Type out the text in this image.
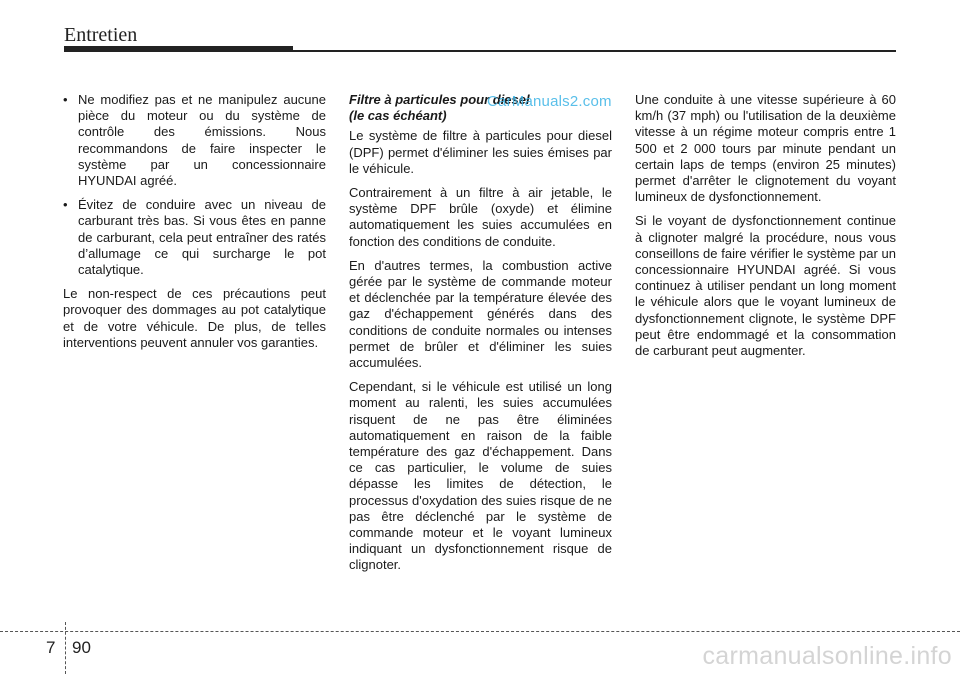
Entretien
• Ne modifiez pas et ne manipulez aucune pièce du moteur ou du système de contrôle des émissions. Nous recommandons de faire inspecter le système par un concessionnaire HYUNDAI agréé.
• Évitez de conduire avec un niveau de carburant très bas. Si vous êtes en panne de carburant, cela peut entraîner des ratés d’allumage ce qui surcharge le pot catalytique.

Le non-respect de ces précautions peut provoquer des dommages au pot catalytique et de votre véhicule. De plus, de telles interventions peuvent annuler vos garanties.

Filtre à particules pour diesel
(le cas échéant)

Le système de filtre à particules pour diesel (DPF) permet d'éliminer les suies émises par le véhicule.

Contrairement à un filtre à air jetable, le système DPF brûle (oxyde) et élimine automatiquement les suies accumulées en fonction des conditions de conduite.

En d'autres termes, la combustion active gérée par le système de commande moteur et déclenchée par la température élevée des gaz d'échappement générés dans des conditions de conduite normales ou intenses permet de brûler et d'éliminer les suies accumulées.

Cependant, si le véhicule est utilisé un long moment au ralenti, les suies accumulées risquent de ne pas être éliminées automatiquement en raison de la faible température des gaz d'échappement. Dans ce cas particulier, le volume de suies dépasse les limites de détection, le processus d'oxydation des suies risque de ne pas être déclenché par le système de commande moteur et le voyant lumineux indiquant un dysfonctionnement risque de clignoter.

Une conduite à une vitesse supérieure à 60 km/h (37 mph) ou l'utilisation de la deuxième vitesse à un régime moteur compris entre 1 500 et 2 000 tours par minute pendant un certain laps de temps (environ 25 minutes) permet d'arrêter le clignotement du voyant lumineux de dysfonctionnement.

Si le voyant de dysfonctionnement continue à clignoter malgré la procédure, nous vous conseillons de faire vérifier le système par un concessionnaire HYUNDAI agréé. Si vous continuez à utiliser pendant un long moment le véhicule alors que le voyant lumineux de dysfonctionnement clignote, le système DPF peut être endommagé et la consommation de carburant peut augmenter.

CarManuals2.com
7 90	carmanualsonline.info
